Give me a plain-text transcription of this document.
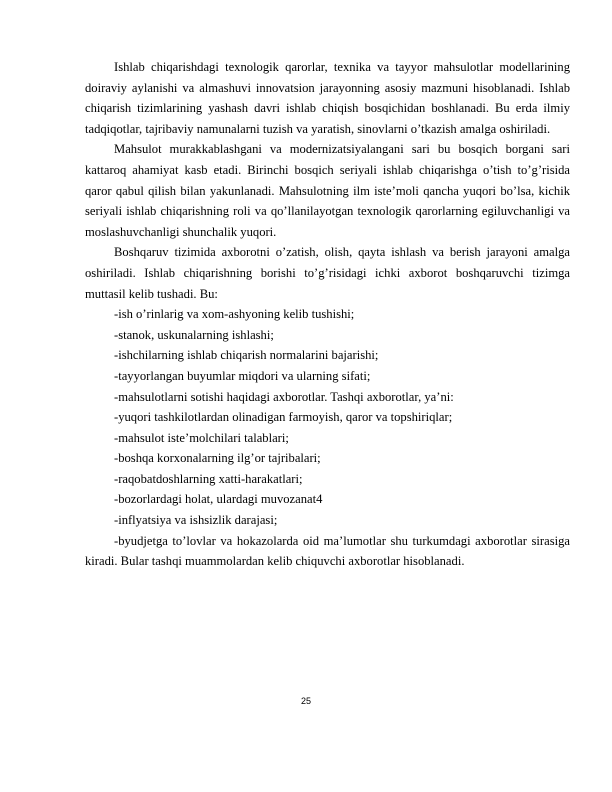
Ishlab chiqarishdagi texnologik qarorlar, texnika va tayyor mahsulotlar modellarining doiraviy aylanishi va almashuvi innovatsion jarayonning asosiy mazmuni hisoblanadi. Ishlab chiqarish tizimlarining yashash davri ishlab chiqish bosqichidan boshlanadi. Bu erda ilmiy tadqiqotlar, tajribaviy namunalarni tuzish va yaratish, sinovlarni o’tkazish amalga oshiriladi.

Mahsulot murakkablashgani va modernizatsiyalangani sari bu bosqich borgani sari kattaroq ahamiyat kasb etadi. Birinchi bosqich seriyali ishlab chiqarishga o’tish to’g’risida qaror qabul qilish bilan yakunlanadi. Mahsulotning ilm iste’moli qancha yuqori bo’lsa, kichik seriyali ishlab chiqarishning roli va qo’llanilayotgan texnologik qarorlarning egiluvchanligi va moslashuvchanligi shunchalik yuqori.

Boshqaruv tizimida axborotni o’zatish, olish, qayta ishlash va berish jarayoni amalga oshiriladi. Ishlab chiqarishning borishi to’g’risidagi ichki axborot boshqaruvchi tizimga muttasil kelib tushadi. Bu:

-ish o’rinlarig va xom-ashyoning kelib tushishi;

-stanok, uskunalarning ishlashi;

-ishchilarning ishlab chiqarish normalarini bajarishi;

-tayyorlangan buyumlar miqdori va ularning sifati;

-mahsulotlarni sotishi haqidagi axborotlar. Tashqi axborotlar, ya’ni:

-yuqori tashkilotlardan olinadigan farmoyish, qaror va topshiriqlar;

-mahsulot iste’molchilari talablari;

-boshqa korxonalarning ilg’or tajribalari;

-raqobatdoshlarning xatti-harakatlari;

-bozorlardagi holat, ulardagi muvozanat4

-inflyatsiya va ishsizlik darajasi;

-byudjetga to’lovlar va hokazolarda oid ma’lumotlar shu turkumdagi axborotlar sirasiga kiradi. Bular tashqi muammolardan kelib chiquvchi axborotlar hisoblanadi.

25
